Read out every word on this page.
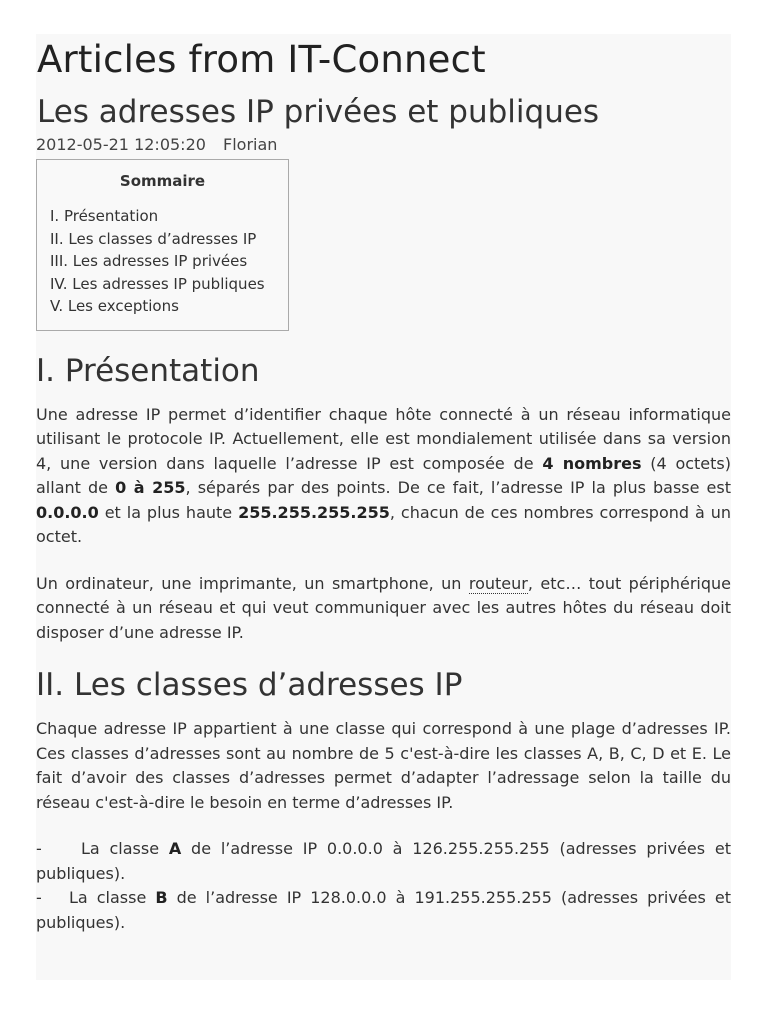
Articles from IT-Connect
Les adresses IP privées et publiques
2012-05-21 12:05:20 Florian
Sommaire
I. Présentation
II. Les classes d’adresses IP
III. Les adresses IP privées
IV. Les adresses IP publiques
V. Les exceptions
I. Présentation

Une adresse IP permet d’identifier chaque hôte connecté à un réseau informatique utilisant le protocole IP. Actuellement, elle est mondialement utilisée dans sa version 4, une version dans laquelle l’adresse IP est composée de 4 nombres (4 octets) allant de 0 à 255, séparés par des points. De ce fait, l’adresse IP la plus basse est 0.0.0.0 et la plus haute 255.255.255.255, chacun de ces nombres correspond à un octet.

Un ordinateur, une imprimante, un smartphone, un routeur, etc… tout périphérique connecté à un réseau et qui veut communiquer avec les autres hôtes du réseau doit disposer d’une adresse IP.

II. Les classes d’adresses IP

Chaque adresse IP appartient à une classe qui correspond à une plage d’adresses IP. Ces classes d’adresses sont au nombre de 5 c'est-à-dire les classes A, B, C, D et E. Le fait d’avoir des classes d’adresses permet d’adapter l’adressage selon la taille du réseau c'est-à-dire le besoin en terme d’adresses IP.

-    La classe A de l’adresse IP 0.0.0.0 à 126.255.255.255 (adresses privées et publiques).

-   La classe B de l’adresse IP 128.0.0.0 à 191.255.255.255 (adresses privées et publiques).
